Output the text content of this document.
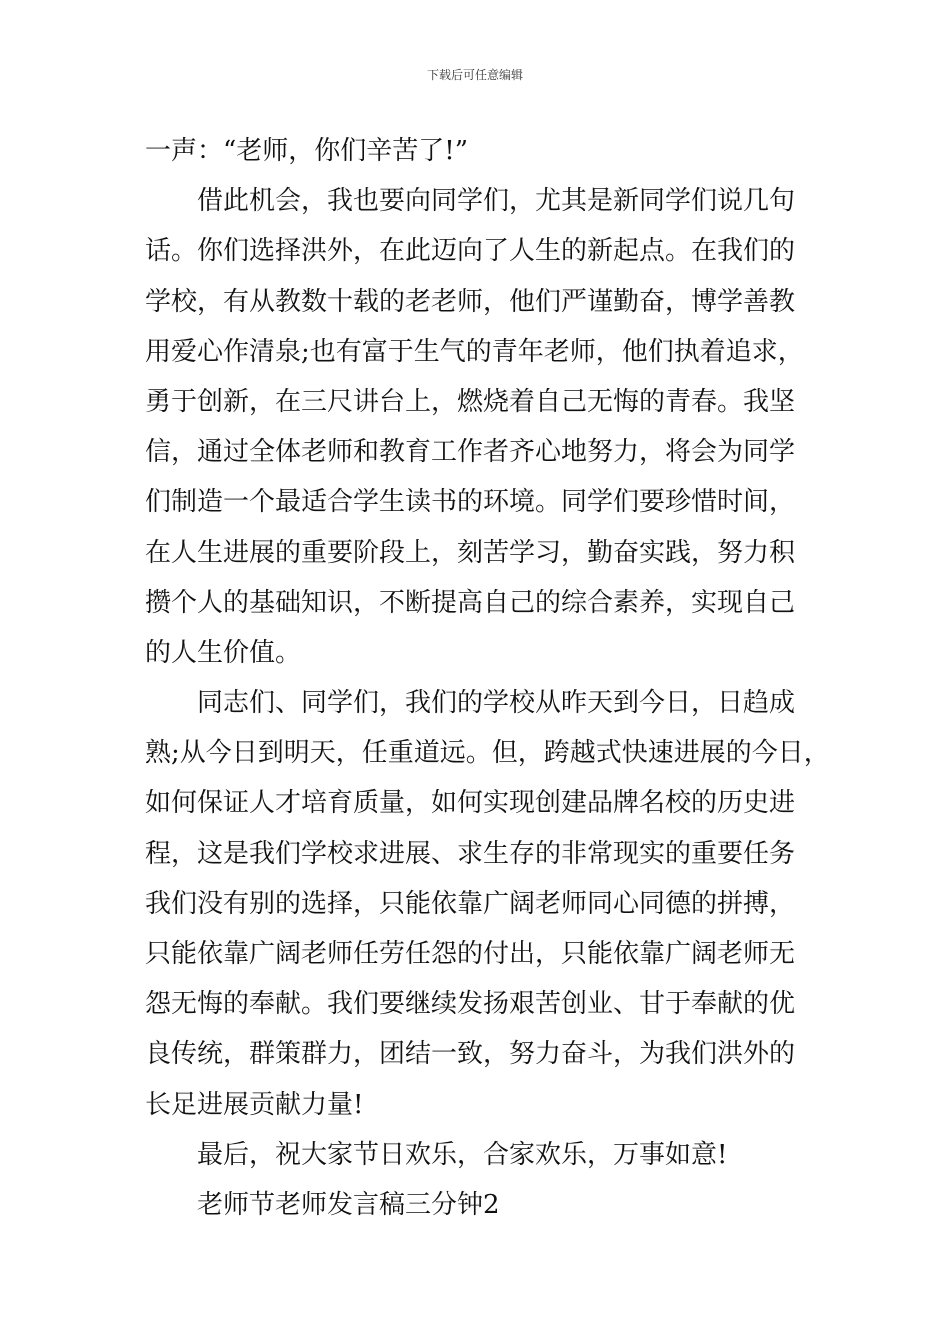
下载后可任意编辑
一声：“老师，你们辛苦了!”
借此机会，我也要向同学们，尤其是新同学们说几句
话。你们选择洪外，在此迈向了人生的新起点。在我们的
学校，有从教数十载的老老师，他们严谨勤奋，博学善教
用爱心作清泉;也有富于生气的青年老师，他们执着追求，
勇于创新，在三尺讲台上，燃烧着自己无悔的青春。我坚
信，通过全体老师和教育工作者齐心地努力，将会为同学
们制造一个最适合学生读书的环境。同学们要珍惜时间，
在人生进展的重要阶段上，刻苦学习，勤奋实践，努力积
攒个人的基础知识，不断提高自己的综合素养，实现自己
的人生价值。
同志们、同学们，我们的学校从昨天到今日，日趋成
熟;从今日到明天，任重道远。但，跨越式快速进展的今日，
如何保证人才培育质量，如何实现创建品牌名校的历史进
程，这是我们学校求进展、求生存的非常现实的重要任务
我们没有别的选择，只能依靠广阔老师同心同德的拼搏，
只能依靠广阔老师任劳任怨的付出，只能依靠广阔老师无
怨无悔的奉献。我们要继续发扬艰苦创业、甘于奉献的优
良传统，群策群力，团结一致，努力奋斗，为我们洪外的
长足进展贡献力量!
最后，祝大家节日欢乐，合家欢乐，万事如意!
老师节老师发言稿三分钟2
